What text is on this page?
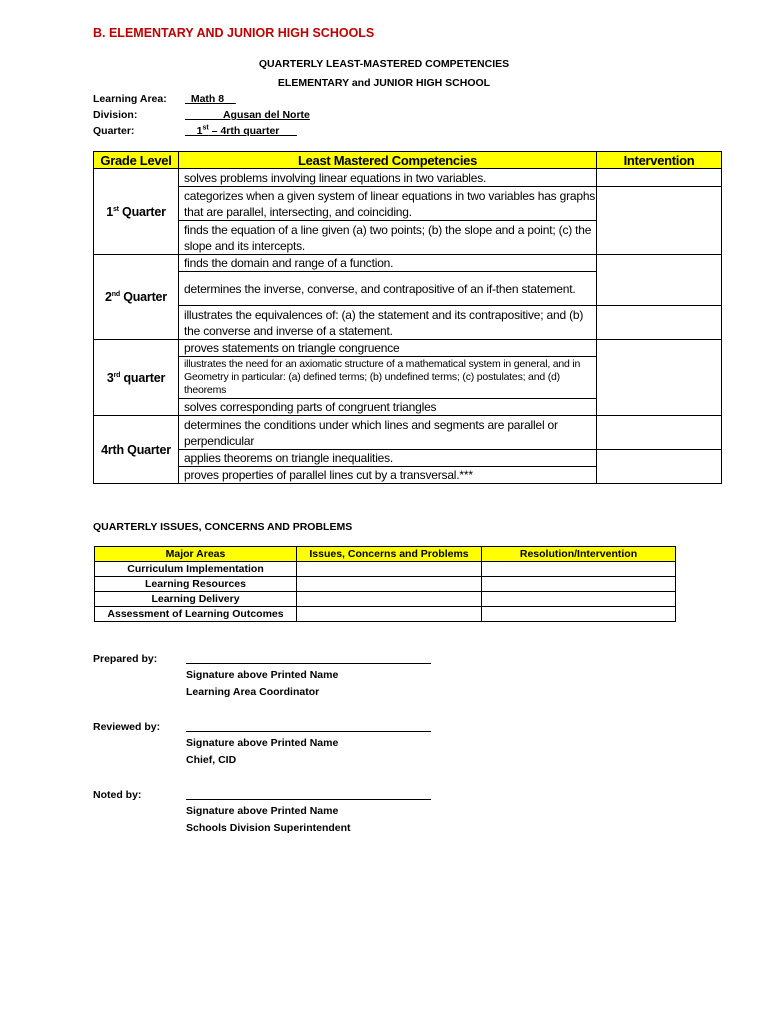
B. ELEMENTARY AND JUNIOR HIGH SCHOOLS
QUARTERLY LEAST-MASTERED COMPETENCIES
ELEMENTARY and JUNIOR HIGH SCHOOL
Learning Area: _Math 8__
Division:	______Agusan del Norte
Quarter:	__1st – 4rth quarter___
Grade Level	Least Mastered Competencies	Intervention
1st Quarter	solves problems involving linear equations in two variables.	
	categorizes when a given system of linear equations in two variables has graphs that are parallel, intersecting, and coinciding.	
	finds the equation of a line given (a) two points; (b) the slope and a point; (c) the slope and its intercepts.	
2nd Quarter	finds the domain and range of a function.	
	determines the inverse, converse, and contrapositive of an if-then statement.	
	illustrates the equivalences of: (a) the statement and its contrapositive; and (b) the converse and inverse of a statement.	
3rd quarter	proves statements on triangle congruence	
	illustrates the need for an axiomatic structure of a mathematical system in general, and in Geometry in particular: (a) defined terms; (b) undefined terms; (c) postulates; and (d) theorems	
	solves corresponding parts of congruent triangles	
4rth Quarter	determines the conditions under which lines and segments are parallel or perpendicular	
	applies theorems on triangle inequalities.	
	proves properties of parallel lines cut by a transversal.***	
QUARTERLY ISSUES, CONCERNS AND PROBLEMS
Major Areas	Issues, Concerns and Problems	Resolution/Intervention
Curriculum Implementation		
Learning Resources		
Learning Delivery		
Assessment of Learning Outcomes		
Prepared by:
Signature above Printed Name
Learning Area Coordinator
Reviewed by:
Signature above Printed Name
Chief, CID
Noted by:
Signature above Printed Name
Schools Division Superintendent
